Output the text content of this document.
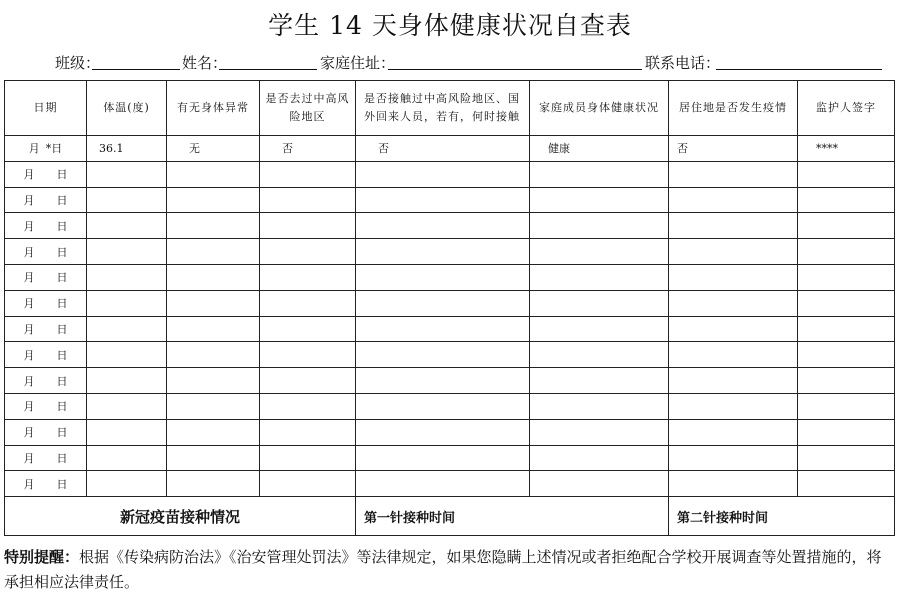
学生 14 天身体健康状况自查表
班级：	姓名：	家庭住址：	联系电话：
日期	体温(度)	有无身体异常	是否去过中高风险地区	是否接触过中高风险地区、国外回来人员，若有，何时接触	家庭成员身体健康状况	居住地是否发生疫情	监护人签字
月 *日	36.1	无	否	否	健康	否	****
月 日							
月 日							
月 日							
月 日							
月 日							
月 日							
月 日							
月 日							
月 日							
月 日							
月 日							
月 日							
月 日							
新冠疫苗接种情况				第一针接种时间		第二针接种时间	
特别提醒：根据《传染病防治法》《治安管理处罚法》等法律规定，如果您隐瞒上述情况或者拒绝配合学校开展调查等处置措施的，将承担相应法律责任。
